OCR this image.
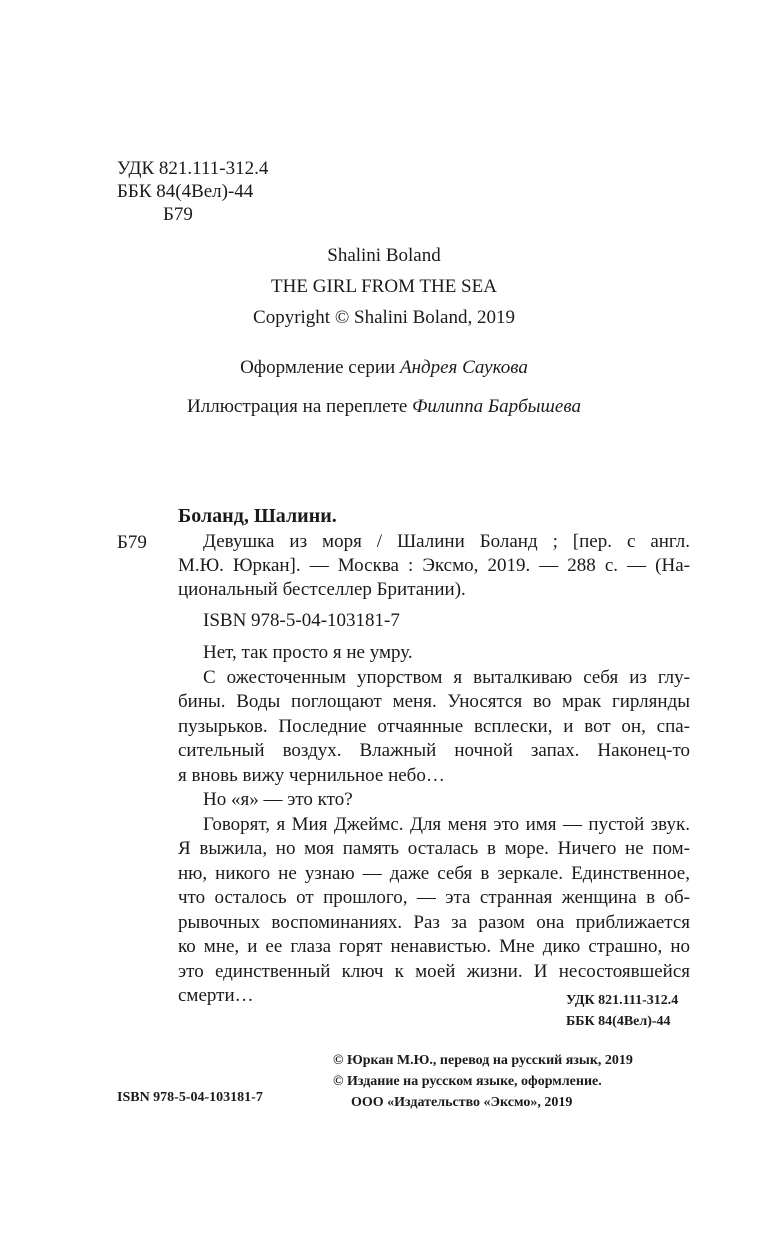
УДК 821.111-312.4
ББК 84(4Вел)-44
Б79
Shalini Boland
THE GIRL FROM THE SEA
Copyright © Shalini Boland, 2019
Оформление серии Андрея Саукова
Иллюстрация на переплете Филиппа Барбышева
Боланд, Шалини.
Б79	Девушка из моря / Шалини Боланд ; [пер. с англ.
М.Ю. Юркан]. — Москва : Эксмо, 2019. — 288 с. — (На-
циональный бестселлер Британии).
ISBN 978-5-04-103181-7

Нет, так просто я не умру.

С ожесточенным упорством я выталкиваю себя из глу-
бины. Воды поглощают меня. Уносятся во мрак гирлянды
пузырьков. Последние отчаянные всплески, и вот он, спа-
сительный воздух. Влажный ночной запах. Наконец-то
я вновь вижу чернильное небо…

Но «я» — это кто?

Говорят, я Мия Джеймс. Для меня это имя — пустой звук.
Я выжила, но моя память осталась в море. Ничего не пом-
ню, никого не узнаю — даже себя в зеркале. Единственное,
что осталось от прошлого, — эта странная женщина в об-
рывочных воспоминаниях. Раз за разом она приближается
ко мне, и ее глаза горят ненавистью. Мне дико страшно, но
это единственный ключ к моей жизни. И несостоявшейся
смерти…	УДК 821.111-312.4
ББК 84(4Вел)-44
© Юркан М.Ю., перевод на русский язык, 2019
© Издание на русском языке, оформление.
ООО «Издательство «Эксмо», 2019
ISBN 978-5-04-103181-7
